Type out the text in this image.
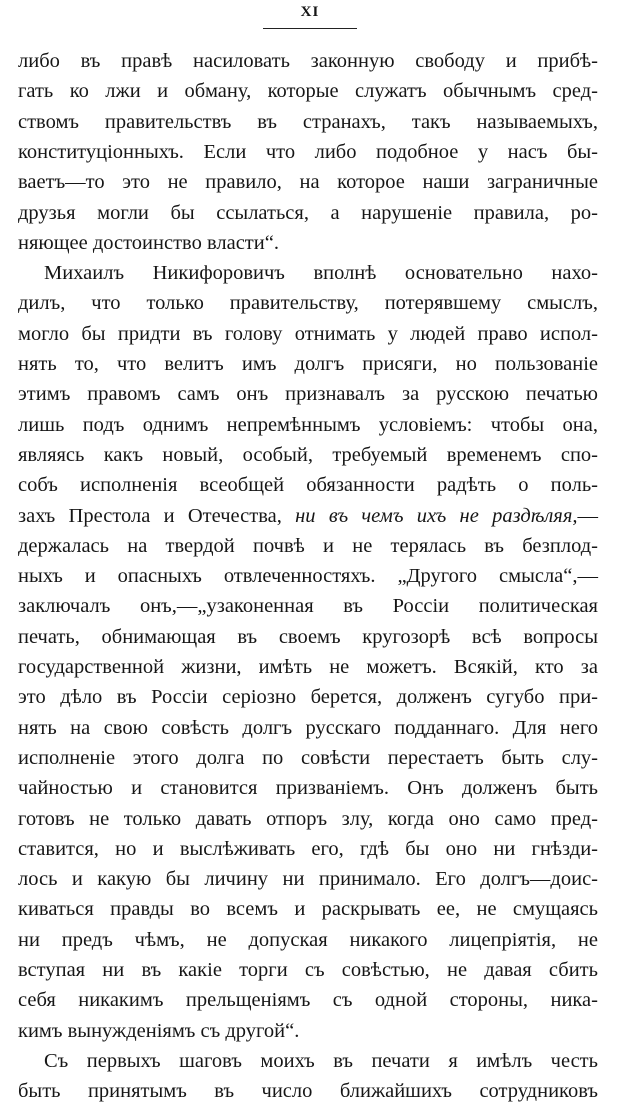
XI
либо въ правѣ насиловать законную свободу и прибѣ-
гать ко лжи и обману, которые служатъ обычнымъ сред-
ствомъ правительствъ въ странахъ, такъ называемыхъ,
конституціонныхъ. Если что либо подобное у насъ бы-
ваетъ—то это не правило, на которое наши заграничные
друзья могли бы ссылаться, а нарушеніе правила, ро-
няющее достоинство власти“.
Михаилъ Никифоровичъ вполнѣ основательно нахо-
дилъ, что только правительству, потерявшему смыслъ,
могло бы придти въ голову отнимать у людей право испол-
нять то, что велитъ имъ долгъ присяги, но пользованіе
этимъ правомъ самъ онъ признавалъ за русскою печатью
лишь подъ однимъ непремѣннымъ условіемъ: чтобы она,
являясь какъ новый, особый, требуемый временемъ спо-
собъ исполненія всеобщей обязанности радѣть о поль-
захъ Престола и Отечества, ни въ чемъ ихъ не раздѣляя,—
держалась на твердой почвѣ и не терялась въ безплод-
ныхъ и опасныхъ отвлеченностяхъ. „Другого смысла“,—
заключалъ онъ,—„узаконенная въ Россіи политическая
печать, обнимающая въ своемъ кругозорѣ всѣ вопросы
государственной жизни, имѣть не можетъ. Всякій, кто за
это дѣло въ Россіи серіозно берется, долженъ сугубо при-
нять на свою совѣсть долгъ русскаго подданнаго. Для него
исполненіе этого долга по совѣсти перестаетъ быть слу-
чайностью и становится призваніемъ. Онъ долженъ быть
готовъ не только давать отпоръ злу, когда оно само пред-
ставится, но и выслѣживать его, гдѣ бы оно ни гнѣзди-
лось и какую бы личину ни принимало. Его долгъ—доис-
киваться правды во всемъ и раскрывать ее, не смущаясь
ни предъ чѣмъ, не допуская никакого лицепріятія, не
вступая ни въ какіе торги съ совѣстью, не давая сбить
себя никакимъ прельщеніямъ съ одной стороны, ника-
кимъ вынужденіямъ съ другой“.
Съ первыхъ шаговъ моихъ въ печати я имѣлъ честь
быть принятымъ въ число ближайшихъ сотрудниковъ
